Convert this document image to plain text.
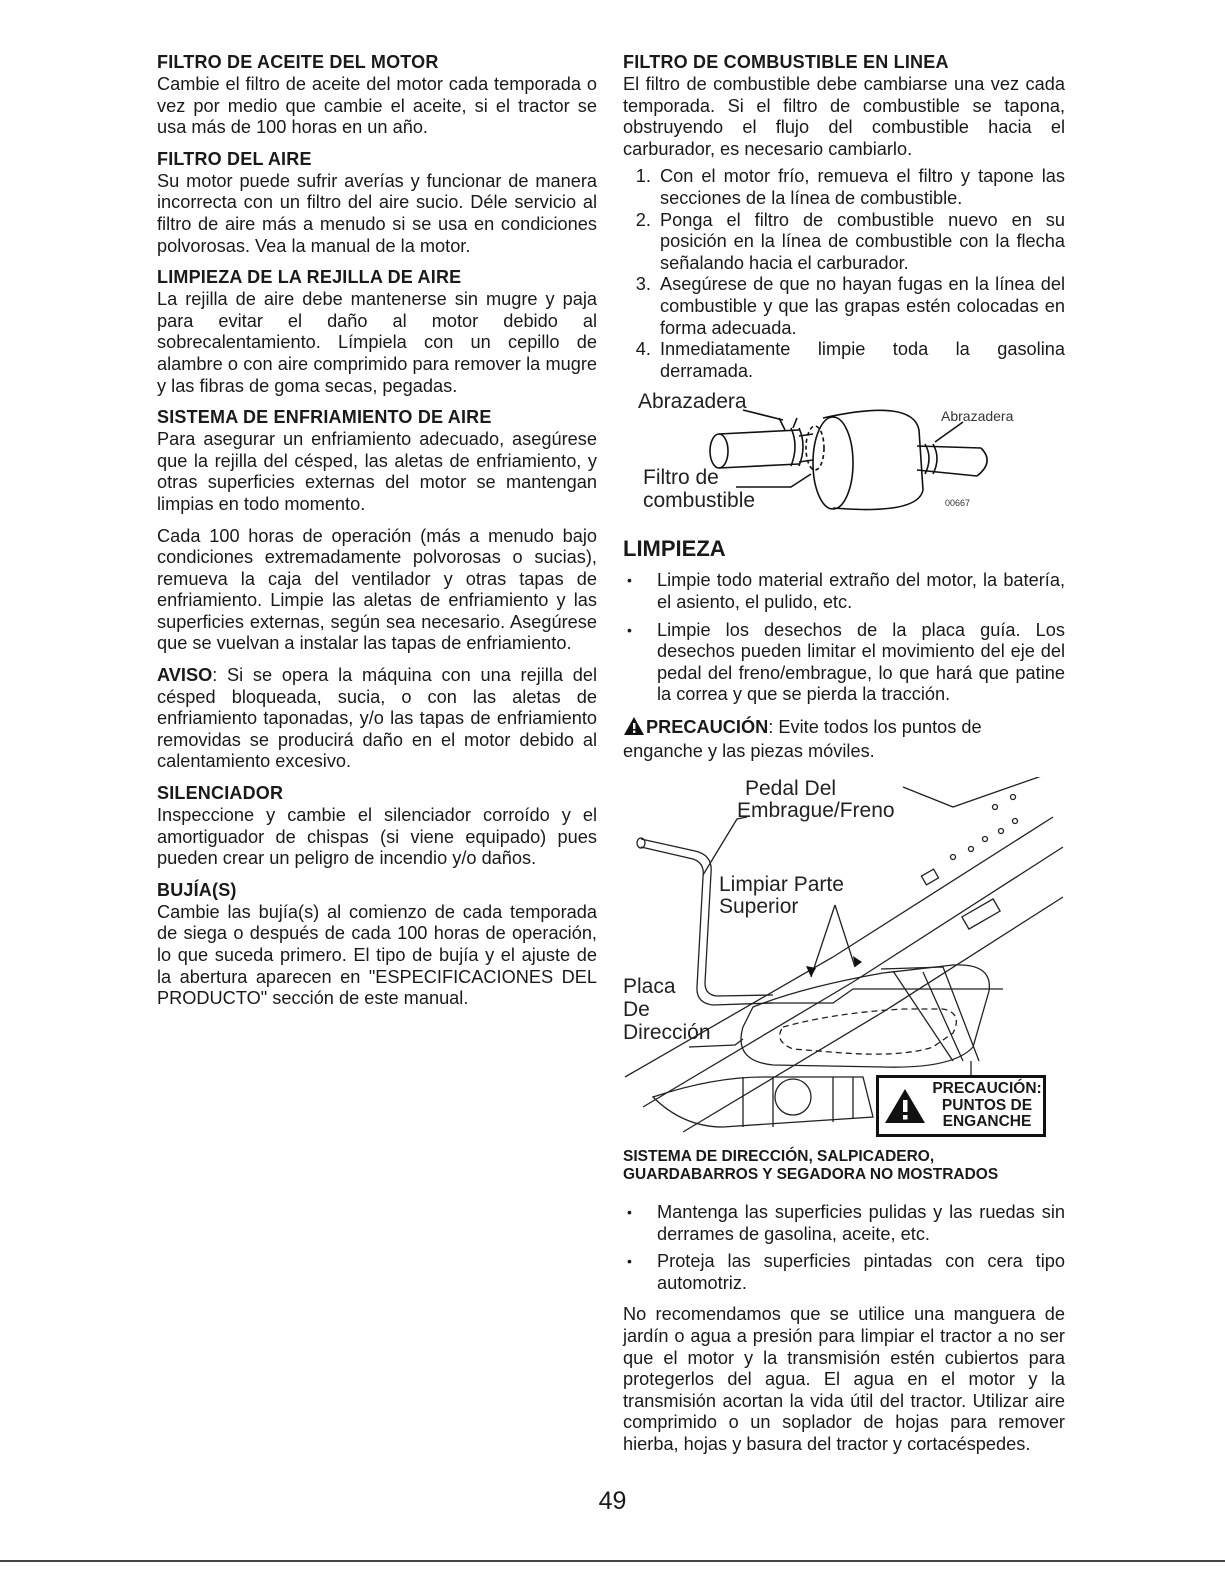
FILTRO DE ACEITE DEL MOTOR
Cambie el filtro de aceite del motor cada temporada o vez por medio que cambie el aceite, si el tractor se usa más de 100 horas en un año.
FILTRO DEL AIRE
Su motor puede sufrir averías y funcionar de manera incorrecta con un filtro del aire sucio. Déle servicio al filtro de aire más a menudo si se usa en condiciones polvorosas. Vea la manual de la motor.
LIMPIEZA DE LA REJILLA DE AIRE
La rejilla de aire debe mantenerse sin mugre y paja para evitar el daño al motor debido al sobrecalentamiento. Límpiela con un cepillo de alambre o con aire comprimido para remover la mugre y las fibras de goma secas, pegadas.
SISTEMA DE ENFRIAMIENTO DE AIRE
Para asegurar un enfriamiento adecuado, asegúrese que la rejilla del césped, las aletas de enfriamiento, y otras superficies externas del motor se mantengan limpias en todo momento.
Cada 100 horas de operación (más a menudo bajo condiciones extremadamente polvorosas o sucias), remueva la caja del ventilador y otras tapas de enfriamiento. Limpie las aletas de enfriamiento y las superficies externas, según sea necesario. Asegúrese que se vuelvan a instalar las tapas de enfriamiento.
AVISO: Si se opera la máquina con una rejilla del césped bloqueada, sucia, o con las aletas de enfriamiento taponadas, y/o las tapas de enfriamiento removidas se producirá daño en el motor debido al calentamiento excesivo.
SILENCIADOR
Inspeccione y cambie el silenciador corroído y el amortiguador de chispas (si viene equipado) pues pueden crear un peligro de incendio y/o daños.
BUJÍA(S)
Cambie las bujía(s) al comienzo de cada temporada de siega o después de cada 100 horas de operación, lo que suceda primero. El tipo de bujía y el ajuste de la abertura aparecen en "ESPECIFICACIONES DEL PRODUCTO" sección de este manual.
FILTRO DE COMBUSTIBLE EN LINEA
El filtro de combustible debe cambiarse una vez cada temporada. Si el filtro de combustible se tapona, obstruyendo el flujo del combustible hacia el carburador, es necesario cambiarlo.
1. Con el motor frío, remueva el filtro y tapone las secciones de la línea de combustible.
2. Ponga el filtro de combustible nuevo en su posición en la línea de combustible con la flecha señalando hacia el carburador.
3. Asegúrese de que no hayan fugas en la línea del combustible y que las grapas estén colocadas en forma adecuada.
4. Inmediatamente limpie toda la gasolina derramada.
Abrazadera
Abrazadera
Filtro de
combustible	00667
LIMPIEZA
• Limpie todo material extraño del motor, la batería, el asiento, el pulido, etc.
• Limpie los desechos de la placa guía. Los desechos pueden limitar el movimiento del eje del pedal del freno/embrague, lo que hará que patine la correa y que se pierda la tracción.
PRECAUCIÓN: Evite todos los puntos de enganche y las piezas móviles.
Pedal Del
Embrague/Freno
Limpiar Parte
Superior
Placa
De
Dirección
PRECAUCIÓN:
PUNTOS DE
ENGANCHE
SISTEMA DE DIRECCIÓN, SALPICADERO,
GUARDABARROS Y SEGADORA NO MOSTRADOS
• Mantenga las superficies pulidas y las ruedas sin derrames de gasolina, aceite, etc.
• Proteja las superficies pintadas con cera tipo automotriz.
No recomendamos que se utilice una manguera de jardín o agua a presión para limpiar el tractor a no ser que el motor y la transmisión estén cubiertos para protegerlos del agua. El agua en el motor y la transmisión acortan la vida útil del tractor. Utilizar aire comprimido o un soplador de hojas para remover hierba, hojas y basura del tractor y cortacéspedes.
49
